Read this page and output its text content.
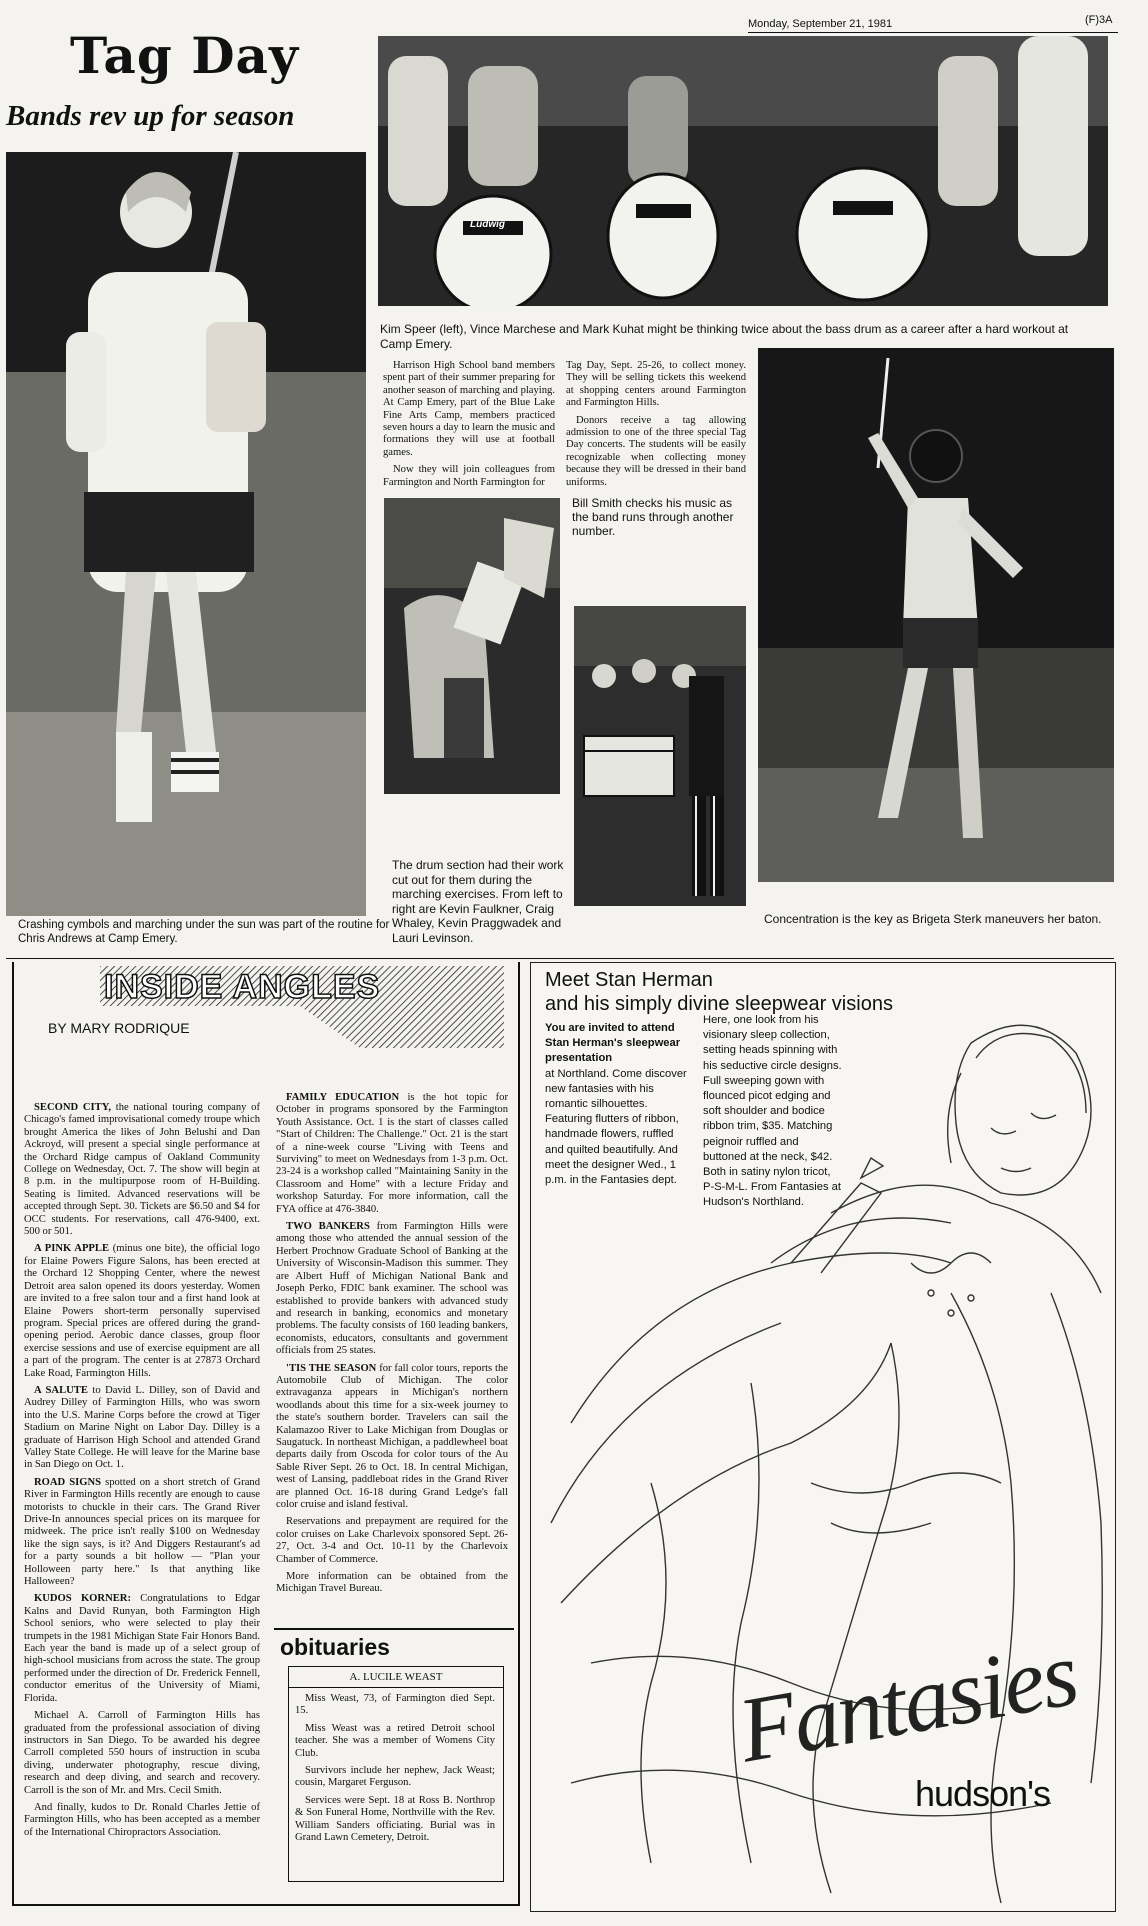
Monday, September 21, 1981	(F)3A
Tag Day
Bands rev up for season
Crashing cymbols and marching under the sun was part of the routine for Chris Andrews at Camp Emery.
Ludwig
Kim Speer (left), Vince Marchese and Mark Kuhat might be thinking twice about the bass drum as a career after a hard workout at Camp Emery.

Harrison High School band members spent part of their summer preparing for another season of marching and playing. At Camp Emery, part of the Blue Lake Fine Arts Camp, members practiced seven hours a day to learn the music and formations they will use at football games.

Now they will join colleagues from Farmington and North Farmington for

Tag Day, Sept. 25-26, to collect money. They will be selling tickets this weekend at shopping centers around Farmington and Farmington Hills.

Donors receive a tag allowing admission to one of the three special Tag Day concerts. The students will be easily recognizable when collecting money because they will be dressed in their band uniforms.

Bill Smith checks his music as the band runs through another number.
The drum section had their work cut out for them during the marching exercises. From left to right are Kevin Faulkner, Craig Whaley, Kevin Praggwadek and Lauri Levinson.
Concentration is the key as Brigeta Sterk maneuvers her baton.
INSIDE ANGLES
BY MARY RODRIQUE

SECOND CITY, the national touring company of Chicago's famed improvisational comedy troupe which brought America the likes of John Belushi and Dan Ackroyd, will present a special single performance at the Orchard Ridge campus of Oakland Community College on Wednesday, Oct. 7. The show will begin at 8 p.m. in the multipurpose room of H-Building. Seating is limited. Advanced reservations will be accepted through Sept. 30. Tickets are $6.50 and $4 for OCC students. For reservations, call 476-9400, ext. 500 or 501.

A PINK APPLE (minus one bite), the official logo for Elaine Powers Figure Salons, has been erected at the Orchard 12 Shopping Center, where the newest Detroit area salon opened its doors yesterday. Women are invited to a free salon tour and a first hand look at Elaine Powers short-term personally supervised program. Special prices are offered during the grand-opening period. Aerobic dance classes, group floor exercise sessions and use of exercise equipment are all a part of the program. The center is at 27873 Orchard Lake Road, Farmington Hills.

A SALUTE to David L. Dilley, son of David and Audrey Dilley of Farmington Hills, who was sworn into the U.S. Marine Corps before the crowd at Tiger Stadium on Marine Night on Labor Day. Dilley is a graduate of Harrison High School and attended Grand Valley State College. He will leave for the Marine base in San Diego on Oct. 1.

ROAD SIGNS spotted on a short stretch of Grand River in Farmington Hills recently are enough to cause motorists to chuckle in their cars. The Grand River Drive-In announces special prices on its marquee for midweek. The price isn't really $100 on Wednesday like the sign says, is it? And Diggers Restaurant's ad for a party sounds a bit hollow — "Plan your Holloween party here." Is that anything like Halloween?

KUDOS KORNER: Congratulations to Edgar Kalns and David Runyan, both Farmington High School seniors, who were selected to play their trumpets in the 1981 Michigan State Fair Honors Band. Each year the band is made up of a select group of high-school musicians from across the state. The group performed under the direction of Dr. Frederick Fennell, conductor emeritus of the University of Miami, Florida.

Michael A. Carroll of Farmington Hills has graduated from the professional association of diving instructors in San Diego. To be awarded his degree Carroll completed 550 hours of instruction in scuba diving, underwater photography, rescue diving, research and deep diving, and search and recovery. Carroll is the son of Mr. and Mrs. Cecil Smith.

And finally, kudos to Dr. Ronald Charles Jettie of Farmington Hills, who has been accepted as a member of the International Chiropractors Association.

FAMILY EDUCATION is the hot topic for October in programs sponsored by the Farmington Youth Assistance. Oct. 1 is the start of classes called "Start of Children: The Challenge." Oct. 21 is the start of a nine-week course "Living with Teens and Surviving" to meet on Wednesdays from 1-3 p.m. Oct. 23-24 is a workshop called "Maintaining Sanity in the Classroom and Home" with a lecture Friday and workshop Saturday. For more information, call the FYA office at 476-3840.

TWO BANKERS from Farmington Hills were among those who attended the annual session of the Herbert Prochnow Graduate School of Banking at the University of Wisconsin-Madison this summer. They are Albert Huff of Michigan National Bank and Joseph Perko, FDIC bank examiner. The school was established to provide bankers with advanced study and research in banking, economics and monetary problems. The faculty consists of 160 leading bankers, economists, educators, consultants and government officials from 25 states.

'TIS THE SEASON for fall color tours, reports the Automobile Club of Michigan. The color extravaganza appears in Michigan's northern woodlands about this time for a six-week journey to the state's southern border. Travelers can sail the Kalamazoo River to Lake Michigan from Douglas or Saugatuck. In northeast Michigan, a paddlewheel boat departs daily from Oscoda for color tours of the Au Sable River Sept. 26 to Oct. 18. In central Michigan, west of Lansing, paddleboat rides in the Grand River are planned Oct. 16-18 during Grand Ledge's fall color cruise and island festival.

Reservations and prepayment are required for the color cruises on Lake Charlevoix sponsored Sept. 26-27, Oct. 3-4 and Oct. 10-11 by the Charlevoix Chamber of Commerce.

More information can be obtained from the Michigan Travel Bureau.

obituaries
A. LUCILE WEAST

Miss Weast, 73, of Farmington died Sept. 15.

Miss Weast was a retired Detroit school teacher. She was a member of Womens City Club.

Survivors include her nephew, Jack Weast; cousin, Margaret Ferguson.

Services were Sept. 18 at Ross B. Northrop & Son Funeral Home, Northville with the Rev. William Sanders officiating. Burial was in Grand Lawn Cemetery, Detroit.

Meet Stan Herman
and his simply divine sleepwear visions
You are invited to attend Stan Herman's sleepwear presentation
at Northland. Come discover new fantasies with his romantic silhouettes. Featuring flutters of ribbon, handmade flowers, ruffled and quilted beautifully. And meet the designer Wed., 1 p.m. in the Fantasies dept.
Here, one look from his visionary sleep collection, setting heads spinning with his seductive circle designs. Full sweeping gown with flounced picot edging and soft shoulder and bodice ribbon trim, $35. Matching peignoir ruffled and buttoned at the neck, $42. Both in satiny nylon tricot, P-S-M-L. From Fantasies at Hudson's Northland.
Fantasies
hudson's
